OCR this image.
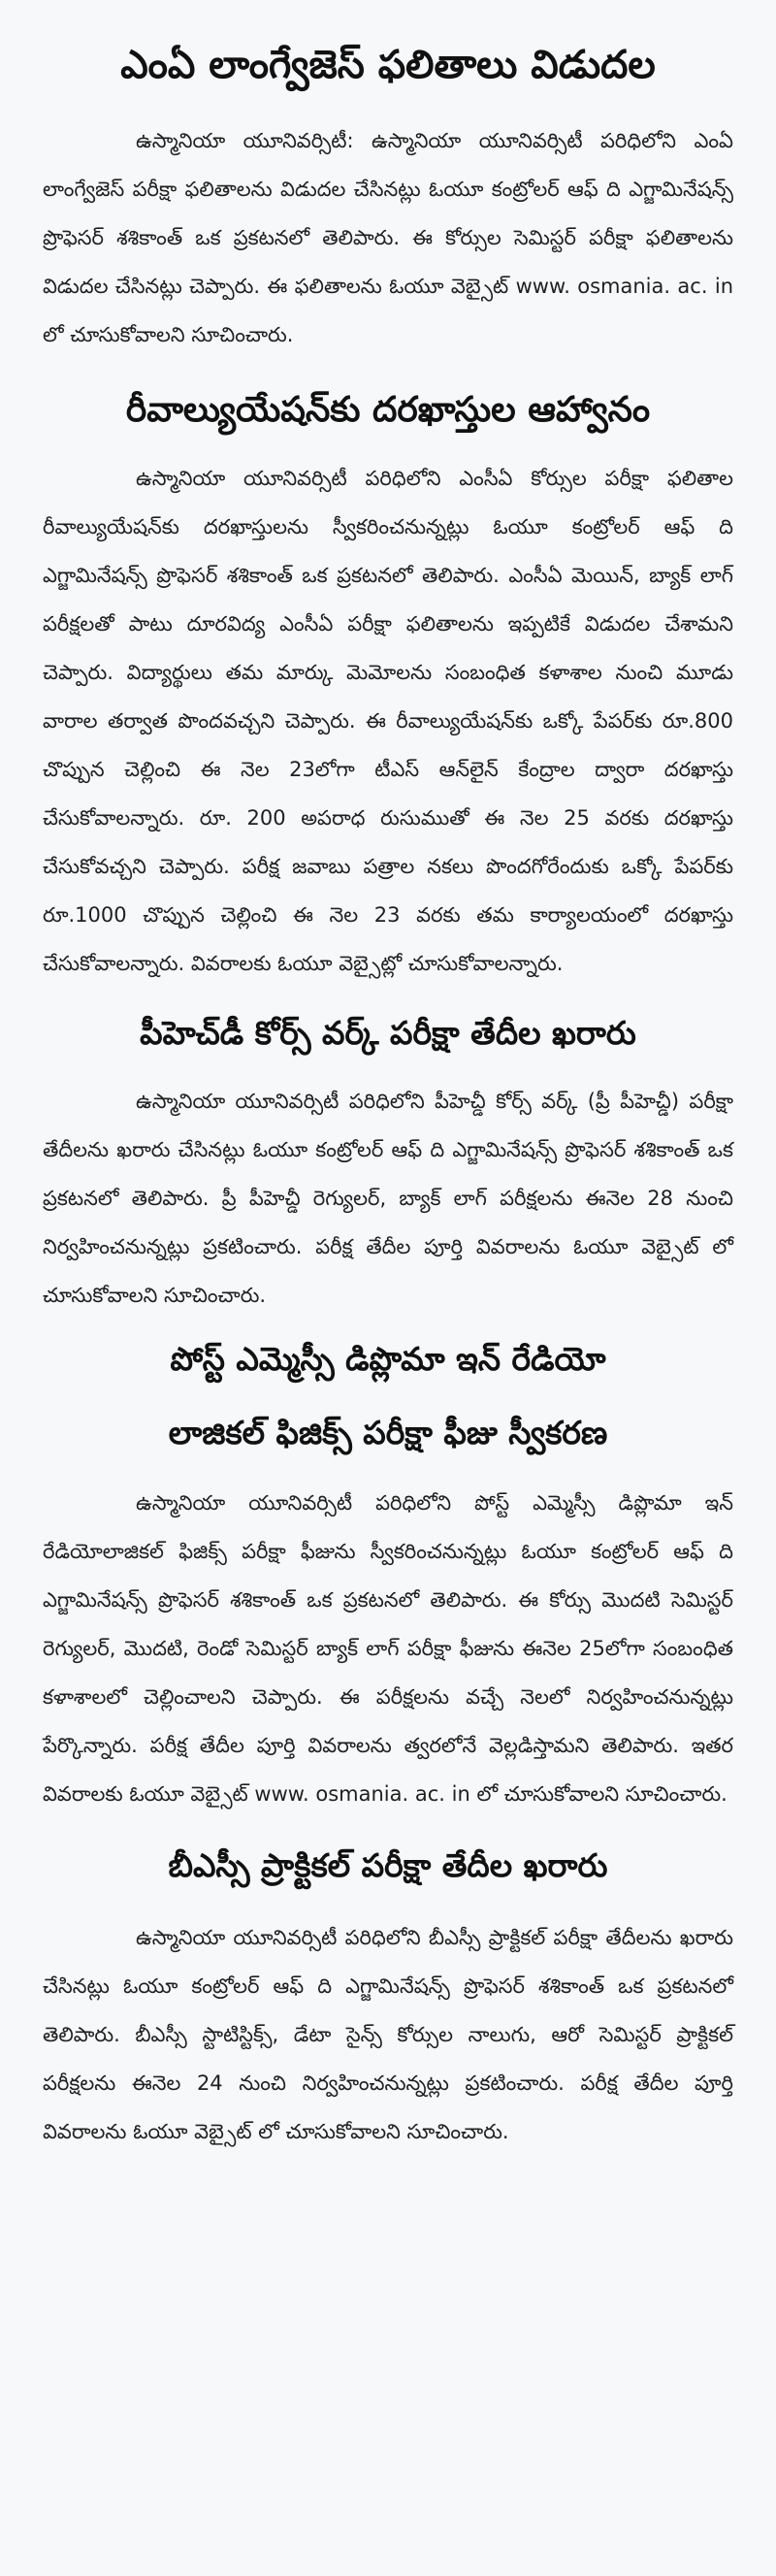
ఎంఏ లాంగ్వేజెస్ ఫలితాలు విడుదల

ఉస్మానియా యూనివర్సిటీ: ఉస్మానియా యూనివర్సిటీ పరిధిలోని ఎంఏ లాంగ్వేజెస్ పరీక్షా ఫలితాలను విడుదల చేసినట్లు ఓయూ కంట్రోలర్ ఆఫ్ ది ఎగ్జామినేషన్స్ ప్రొఫెసర్ శశికాంత్ ఒక ప్రకటనలో తెలిపారు. ఈ కోర్సుల సెమిస్టర్ పరీక్షా ఫలితాలను విడుదల చేసినట్లు చెప్పారు. ఈ ఫలితాలను ఓయూ వెబ్సైట్ www. osmania. ac. in లో చూసుకోవాలని సూచించారు.

రీవాల్యుయేషన్‌కు దరఖాస్తుల ఆహ్వానం

ఉస్మానియా యూనివర్సిటీ పరిధిలోని ఎంసీఏ కోర్సుల పరీక్షా ఫలితాల రీవాల్యుయేషన్‌కు దరఖాస్తులను స్వీకరించనున్నట్లు ఓయూ కంట్రోలర్ ఆఫ్ ది ఎగ్జామినేషన్స్ ప్రొఫెసర్ శశికాంత్ ఒక ప్రకటనలో తెలిపారు. ఎంసీఏ మెయిన్, బ్యాక్ లాగ్ పరీక్షలతో పాటు దూరవిద్య ఎంసీఏ పరీక్షా ఫలితాలను ఇప్పటికే విడుదల చేశామని చెప్పారు. విద్యార్థులు తమ మార్కు మెమోలను సంబంధిత కళాశాల నుంచి మూడు వారాల తర్వాత పొందవచ్చని చెప్పారు. ఈ రీవాల్యుయేషన్‌కు ఒక్కో పేపర్‌కు రూ.800 చొప్పున చెల్లించి ఈ నెల 23లోగా టీఎస్ ఆన్‌లైన్ కేంద్రాల ద్వారా దరఖాస్తు చేసుకోవాలన్నారు. రూ. 200 అపరాధ రుసుముతో ఈ నెల 25 వరకు దరఖాస్తు చేసుకోవచ్చని చెప్పారు. పరీక్ష జవాబు పత్రాల నకలు పొందగోరేందుకు ఒక్కో పేపర్‌కు రూ.1000 చొప్పున చెల్లించి ఈ నెల 23 వరకు తమ కార్యాలయంలో దరఖాస్తు చేసుకోవాలన్నారు. వివరాలకు ఓయూ వెబ్సైట్లో చూసుకోవాలన్నారు.

పీహెచ్‌డీ కోర్స్ వర్క్ పరీక్షా తేదీల ఖరారు

ఉస్మానియా యూనివర్సిటీ పరిధిలోని పీహెచ్డీ కోర్స్ వర్క్ (ప్రీ పీహెచ్డీ) పరీక్షా తేదీలను ఖరారు చేసినట్లు ఓయూ కంట్రోలర్ ఆఫ్ ది ఎగ్జామినేషన్స్ ప్రొఫెసర్ శశికాంత్ ఒక ప్రకటనలో తెలిపారు. ప్రీ పీహెచ్డీ రెగ్యులర్, బ్యాక్ లాగ్ పరీక్షలను ఈనెల 28 నుంచి నిర్వహించనున్నట్లు ప్రకటించారు. పరీక్ష తేదీల పూర్తి వివరాలను ఓయూ వెబ్సైట్ లో చూసుకోవాలని సూచించారు.

పోస్ట్ ఎమ్మెస్సీ డిప్లొమా ఇన్ రేడియో
లాజికల్ ఫిజిక్స్ పరీక్షా ఫీజు స్వీకరణ

ఉస్మానియా యూనివర్సిటీ పరిధిలోని పోస్ట్ ఎమ్మెస్సీ డిప్లొమా ఇన్ రేడియోలాజికల్ ఫిజిక్స్ పరీక్షా ఫీజును స్వీకరించనున్నట్లు ఓయూ కంట్రోలర్ ఆఫ్ ది ఎగ్జామినేషన్స్ ప్రొఫెసర్ శశికాంత్ ఒక ప్రకటనలో తెలిపారు. ఈ కోర్సు మొదటి సెమిస్టర్ రెగ్యులర్, మొదటి, రెండో సెమిస్టర్ బ్యాక్ లాగ్ పరీక్షా ఫీజును ఈనెల 25లోగా సంబంధిత కళాశాలలో చెల్లించాలని చెప్పారు. ఈ పరీక్షలను వచ్చే నెలలో నిర్వహించనున్నట్లు పేర్కొన్నారు. పరీక్ష తేదీల పూర్తి వివరాలను త్వరలోనే వెల్లడిస్తామని తెలిపారు. ఇతర వివరాలకు ఓయూ వెబ్సైట్ www. osmania. ac. in లో చూసుకోవాలని సూచించారు.

బీఎస్సీ ప్రాక్టికల్ పరీక్షా తేదీల ఖరారు

ఉస్మానియా యూనివర్సిటీ పరిధిలోని బీఎస్సీ ప్రాక్టికల్ పరీక్షా తేదీలను ఖరారు చేసినట్లు ఓయూ కంట్రోలర్ ఆఫ్ ది ఎగ్జామినేషన్స్ ప్రొఫెసర్ శశికాంత్ ఒక ప్రకటనలో తెలిపారు. బీఎస్సీ స్టాటిస్టిక్స్, డేటా సైన్స్ కోర్సుల నాలుగు, ఆరో సెమిస్టర్ ప్రాక్టికల్ పరీక్షలను ఈనెల 24 నుంచి నిర్వహించనున్నట్లు ప్రకటించారు. పరీక్ష తేదీల పూర్తి వివరాలను ఓయూ వెబ్సైట్ లో చూసుకోవాలని సూచించారు.
